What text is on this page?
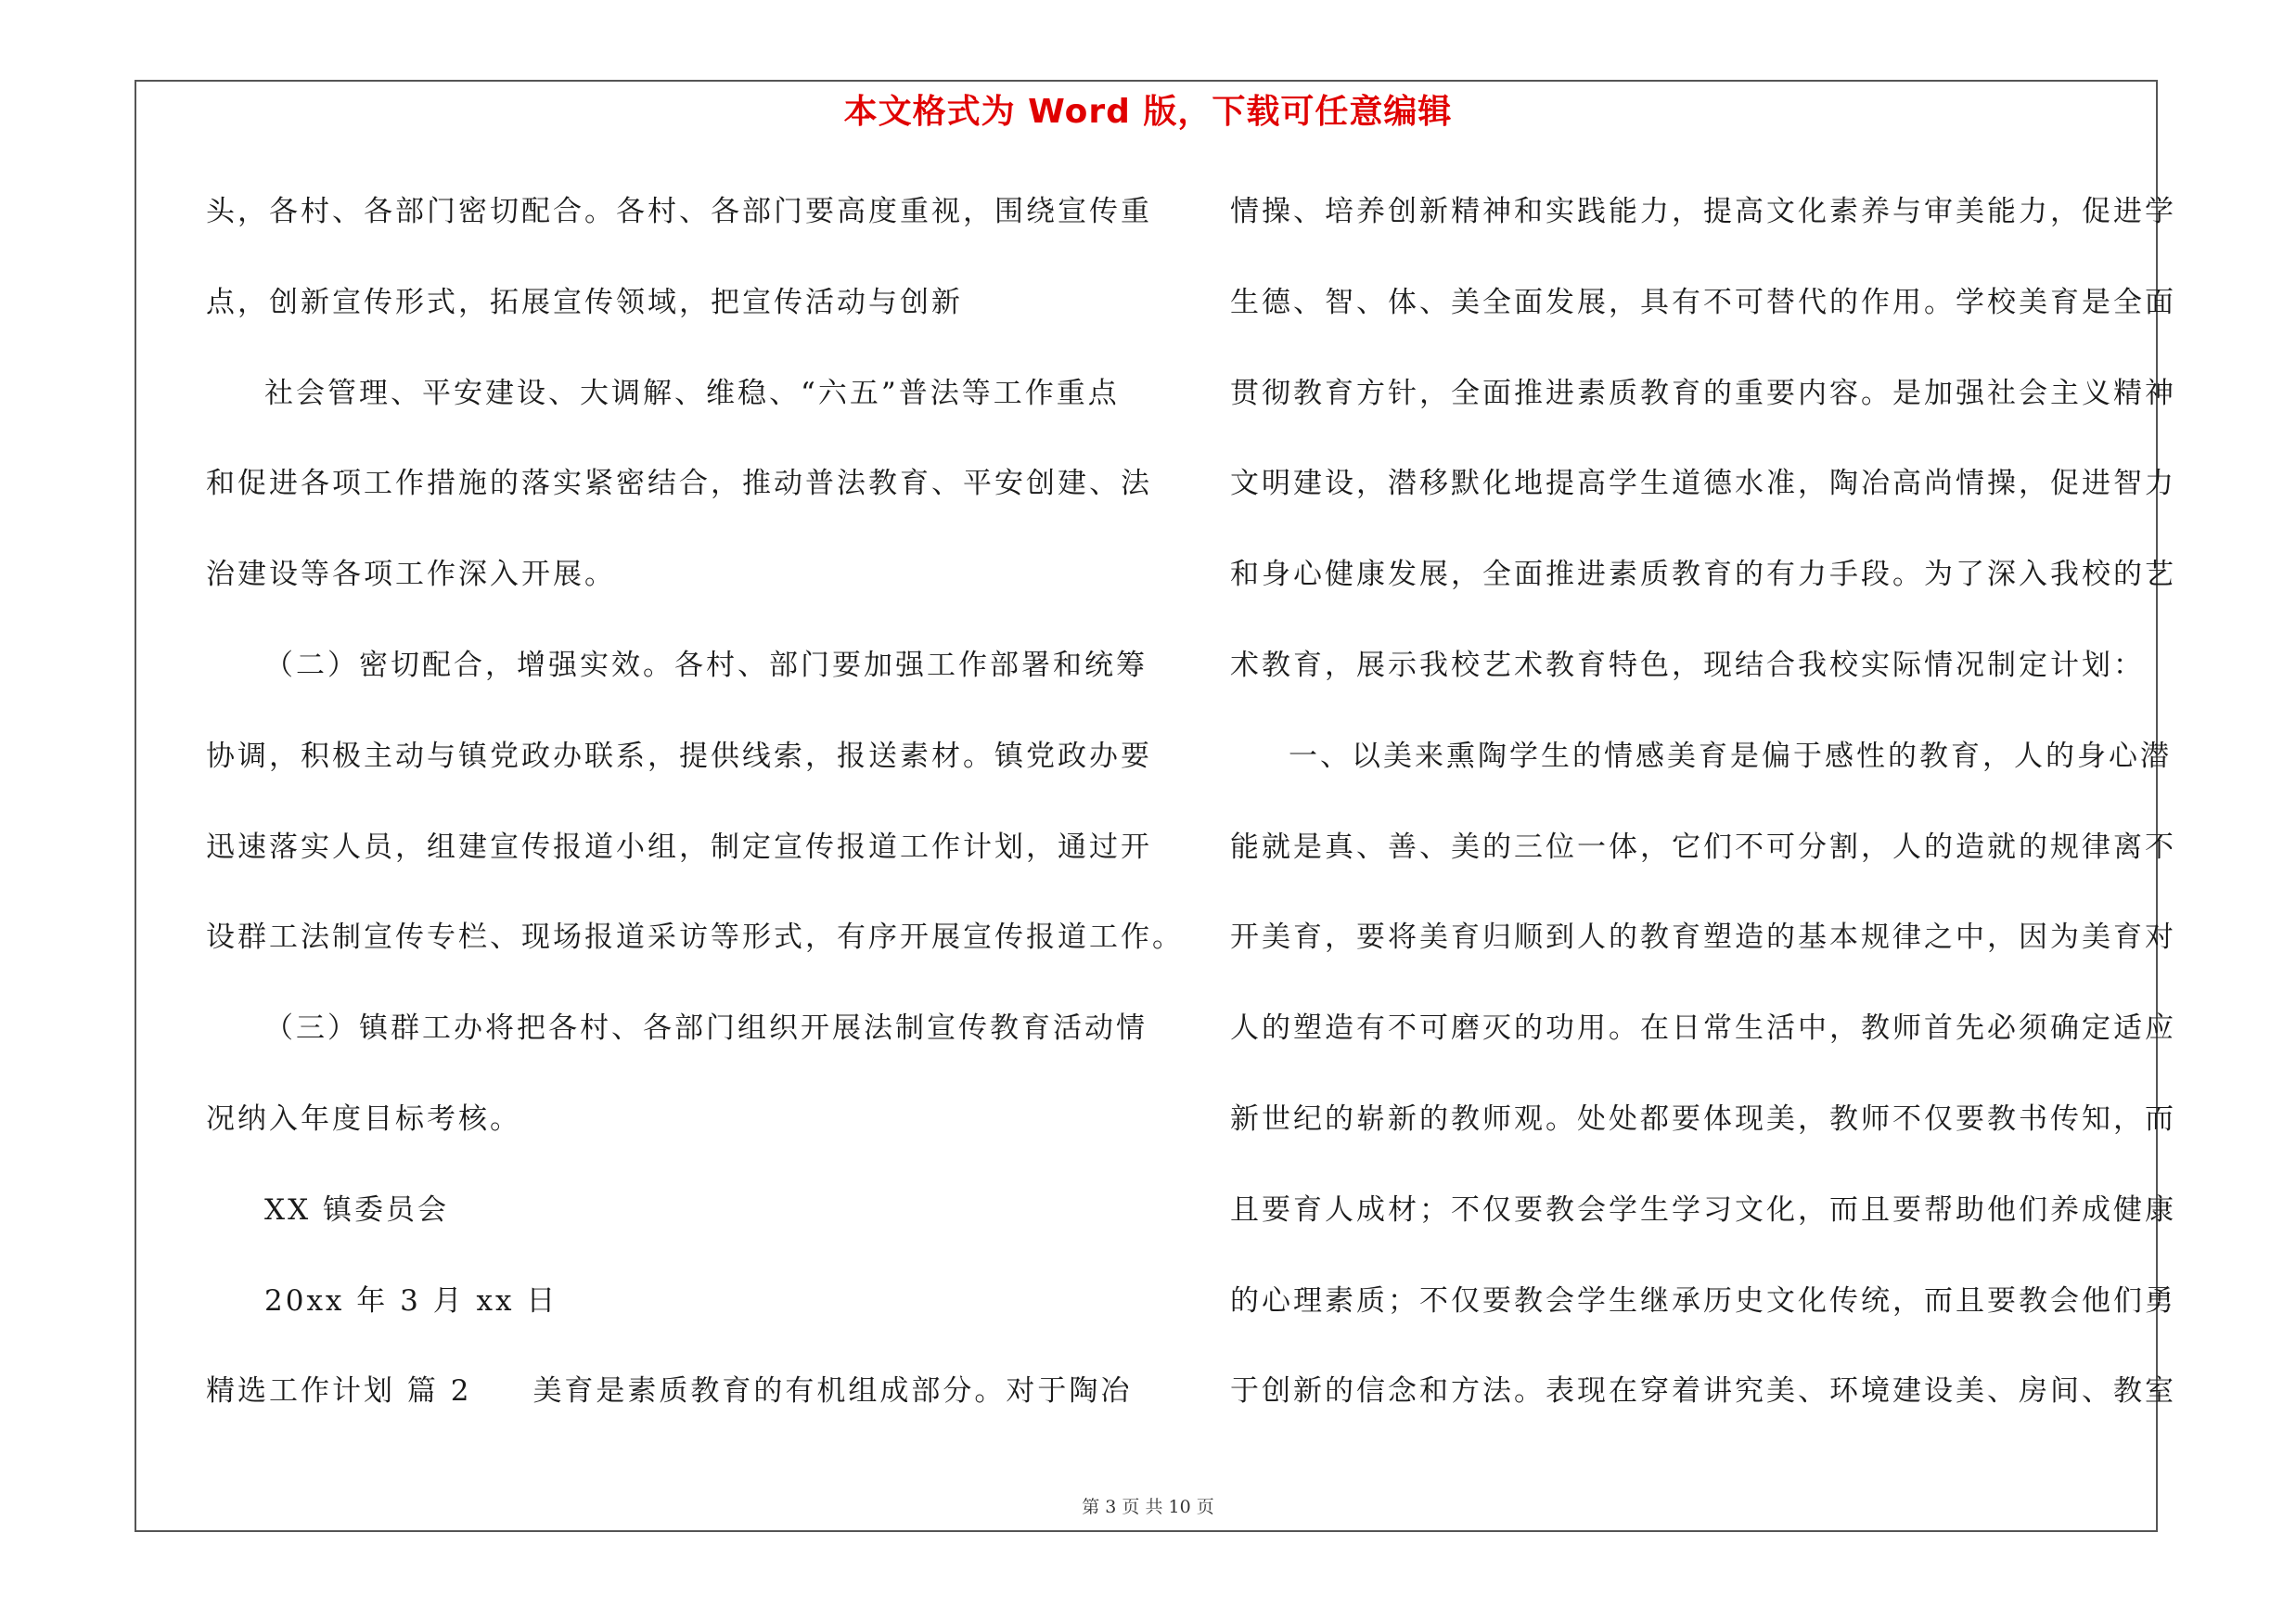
本文格式为 Word 版，下载可任意编辑
头，各村、各部门密切配合。各村、各部门要高度重视，围绕宣传重
点，创新宣传形式，拓展宣传领域，把宣传活动与创新
社会管理、平安建设、大调解、维稳、“六五”普法等工作重点
和促进各项工作措施的落实紧密结合，推动普法教育、平安创建、法
治建设等各项工作深入开展。
（二）密切配合，增强实效。各村、部门要加强工作部署和统筹
协调，积极主动与镇党政办联系，提供线索，报送素材。镇党政办要
迅速落实人员，组建宣传报道小组，制定宣传报道工作计划，通过开
设群工法制宣传专栏、现场报道采访等形式，有序开展宣传报道工作。
（三）镇群工办将把各村、各部门组织开展法制宣传教育活动情
况纳入年度目标考核。
XX 镇委员会
20xx 年 3 月 xx 日
精选工作计划 篇 2 美育是素质教育的有机组成部分。对于陶冶
情操、培养创新精神和实践能力，提高文化素养与审美能力，促进学
生德、智、体、美全面发展，具有不可替代的作用。学校美育是全面
贯彻教育方针，全面推进素质教育的重要内容。是加强社会主义精神
文明建设，潜移默化地提高学生道德水准，陶冶高尚情操，促进智力
和身心健康发展，全面推进素质教育的有力手段。为了深入我校的艺
术教育，展示我校艺术教育特色，现结合我校实际情况制定计划：
一、以美来熏陶学生的情感美育是偏于感性的教育，人的身心潜
能就是真、善、美的三位一体，它们不可分割，人的造就的规律离不
开美育，要将美育归顺到人的教育塑造的基本规律之中，因为美育对
人的塑造有不可磨灭的功用。在日常生活中，教师首先必须确定适应
新世纪的崭新的教师观。处处都要体现美，教师不仅要教书传知，而
且要育人成材；不仅要教会学生学习文化，而且要帮助他们养成健康
的心理素质；不仅要教会学生继承历史文化传统，而且要教会他们勇
于创新的信念和方法。表现在穿着讲究美、环境建设美、房间、教室
第 3 页 共 10 页
